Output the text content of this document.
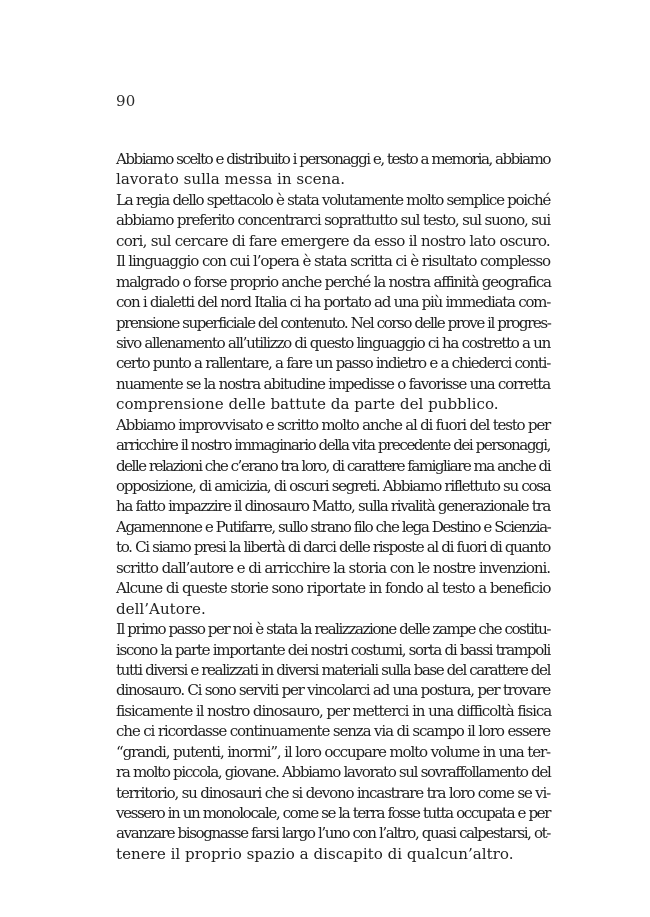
90
Abbiamo scelto e distribuito i personaggi e, testo a memoria, abbiamo
lavorato sulla messa in scena.
La regia dello spettacolo è stata volutamente molto semplice poiché
abbiamo preferito concentrarci soprattutto sul testo, sul suono, sui
cori, sul cercare di fare emergere da esso il nostro lato oscuro.
Il linguaggio con cui l’opera è stata scritta ci è risultato complesso
malgrado o forse proprio anche perché la nostra affinità geografica
con i dialetti del nord Italia ci ha portato ad una più immediata com-
prensione superficiale del contenuto. Nel corso delle prove il progres-
sivo allenamento all’utilizzo di questo linguaggio ci ha costretto a un
certo punto a rallentare, a fare un passo indietro e a chiederci conti-
nuamente se la nostra abitudine impedisse o favorisse una corretta
comprensione delle battute da parte del pubblico.
Abbiamo improvvisato e scritto molto anche al di fuori del testo per
arricchire il nostro immaginario della vita precedente dei personaggi,
delle relazioni che c’erano tra loro, di carattere famigliare ma anche di
opposizione, di amicizia, di oscuri segreti. Abbiamo riflettuto su cosa
ha fatto impazzire il dinosauro Matto, sulla rivalità generazionale tra
Agamennone e Putifarre, sullo strano filo che lega Destino e Scienzia-
to. Ci siamo presi la libertà di darci delle risposte al di fuori di quanto
scritto dall’autore e di arricchire la storia con le nostre invenzioni.
Alcune di queste storie sono riportate in fondo al testo a beneficio
dell’Autore.
Il primo passo per noi è stata la realizzazione delle zampe che costitu-
iscono la parte importante dei nostri costumi, sorta di bassi trampoli
tutti diversi e realizzati in diversi materiali sulla base del carattere del
dinosauro. Ci sono serviti per vincolarci ad una postura, per trovare
fisicamente il nostro dinosauro, per metterci in una difficoltà fisica
che ci ricordasse continuamente senza via di scampo il loro essere
“grandi, putenti, inormi”, il loro occupare molto volume in una ter-
ra molto piccola, giovane. Abbiamo lavorato sul sovraffollamento del
territorio, su dinosauri che si devono incastrare tra loro come se vi-
vessero in un monolocale, come se la terra fosse tutta occupata e per
avanzare bisognasse farsi largo l’uno con l’altro, quasi calpestarsi, ot-
tenere il proprio spazio a discapito di qualcun’altro.
